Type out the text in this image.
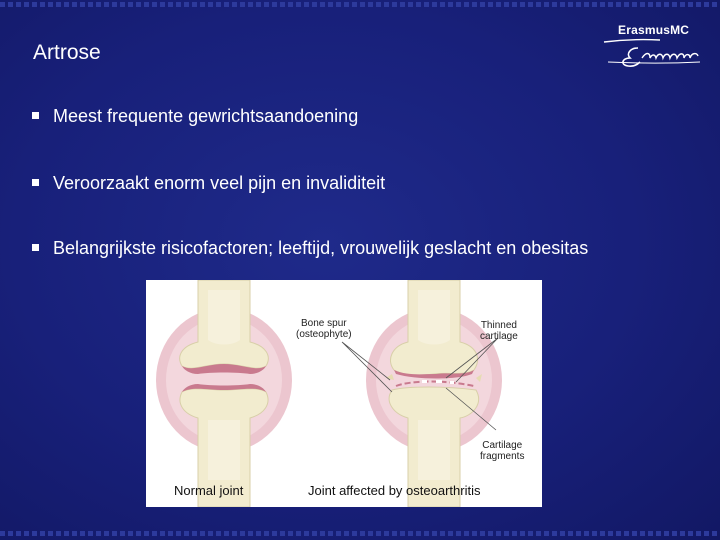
Artrose
ErasmusMC
Meest frequente gewrichtsaandoening
Veroorzaakt enorm veel pijn en invaliditeit
Belangrijkste risicofactoren; leeftijd, vrouwelijk geslacht en obesitas
Bone spur
(osteophyte)
Thinned
cartilage
Cartilage
fragments
Normal joint	Joint affected by osteoarthritis
